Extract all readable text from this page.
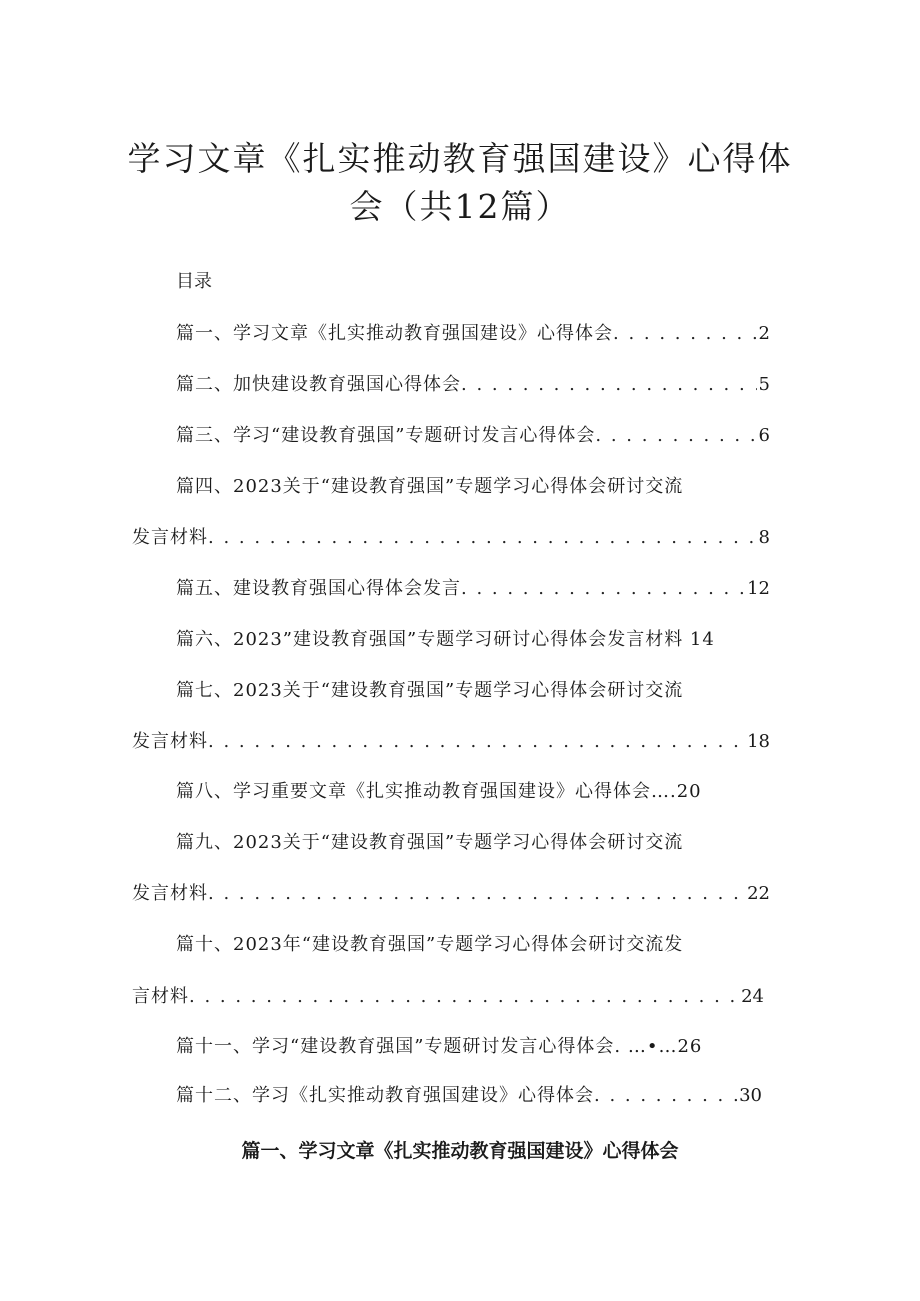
学习文章《扎实推动教育强国建设》心得体
会（共12篇）
目录
篇一、学习文章《扎实推动教育强国建设》心得体会 . . .	2
篇二、加快建设教育强国心得体会 . . .	5
篇三、学习“建设教育强国”专题研讨发言心得体会 . . .	6
篇四、2023关于“建设教育强国”专题学习心得体会研讨交流
发言材料 . . .	8
篇五、建设教育强国心得体会发言 . . .	12
篇六、2023”建设教育强国”专题学习研讨心得体会发言材料 14
篇七、2023关于“建设教育强国”专题学习心得体会研讨交流
发言材料 . . .	18
篇八、学习重要文章《扎实推动教育强国建设》心得体会….20
篇九、2023关于“建设教育强国”专题学习心得体会研讨交流
发言材料 . . .	22
篇十、2023年“建设教育强国”专题学习心得体会研讨交流发
言材料 . . .	24
篇十一、学习“建设教育强国”专题研讨发言心得体会. …•…26
篇十二、学习《扎实推动教育强国建设》心得体会 . . .	30
篇一、学习文章《扎实推动教育强国建设》心得体会
